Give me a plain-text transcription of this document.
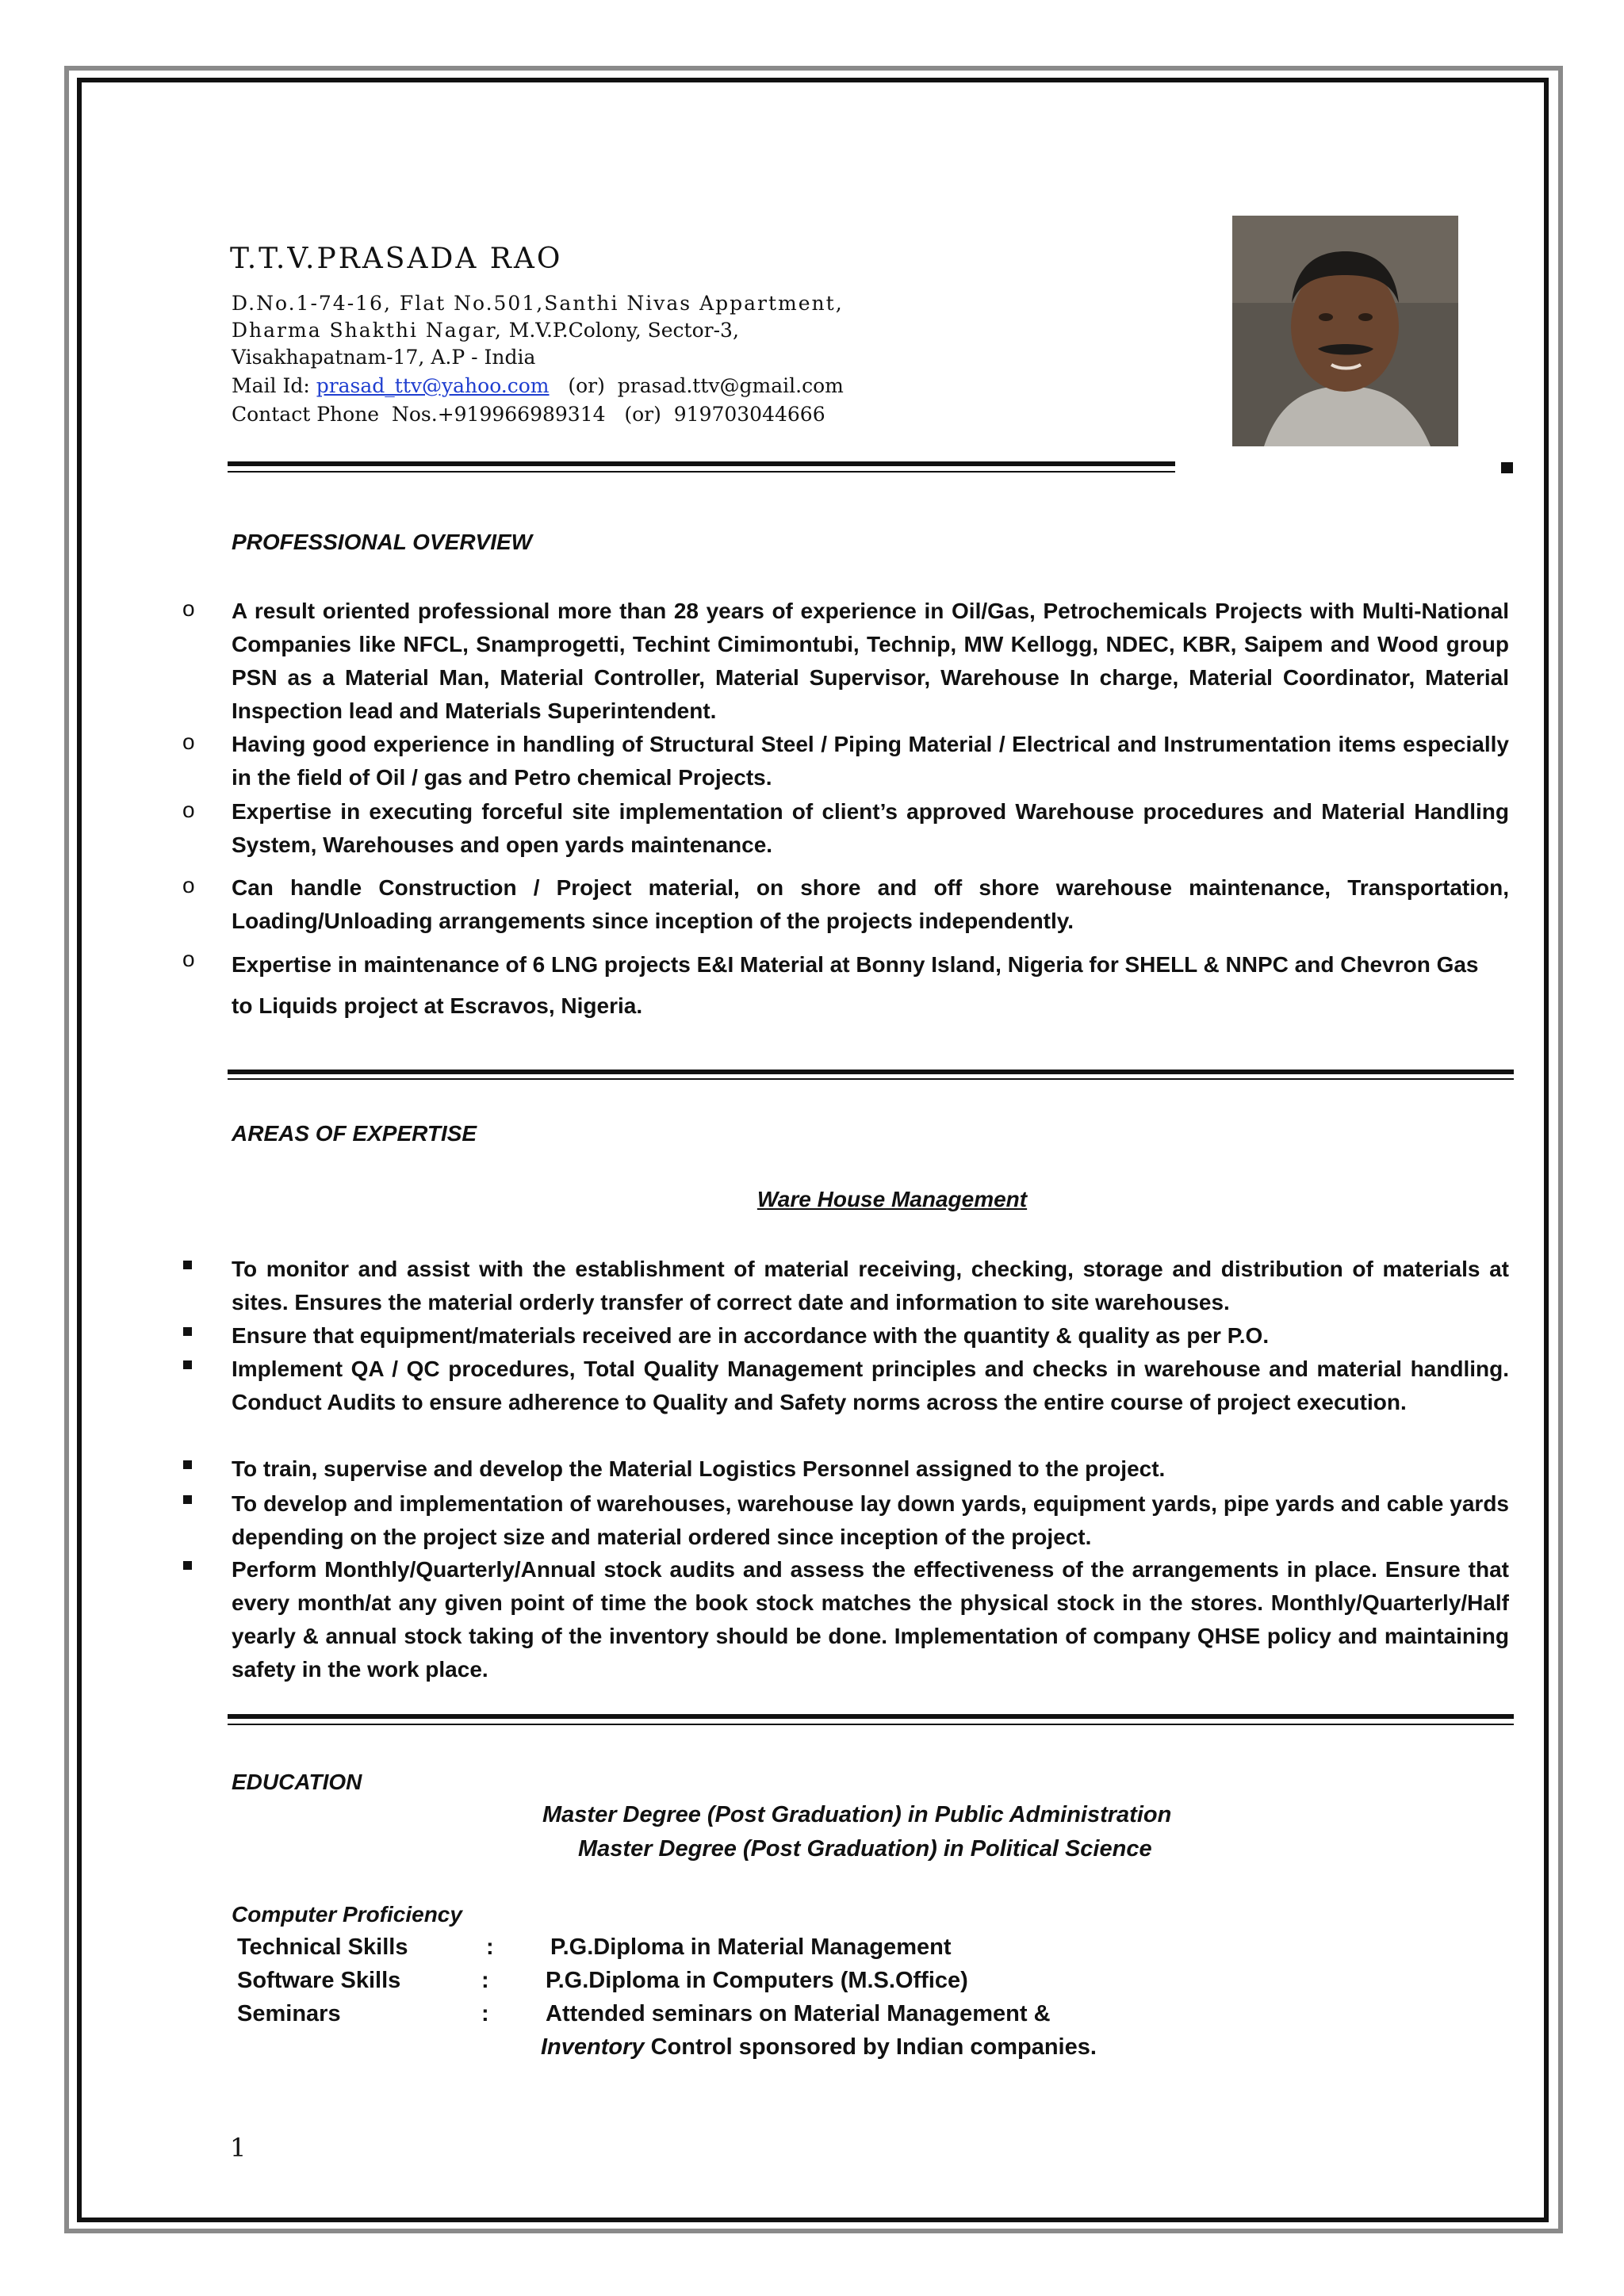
T.T.V.PRASADA RAO
D.No.1-74-16, Flat No.501,Santhi Nivas Appartment,
Dharma Shakthi Nagar, M.V.P.Colony, Sector-3,
Visakhapatnam-17, A.P - India
Mail Id: prasad_ttv@yahoo.com   (or)  prasad.ttv@gmail.com
Contact Phone  Nos.+919966989314   (or)  919703044666
PROFESSIONAL OVERVIEW
o A result oriented professional more than 28 years of experience in Oil/Gas, Petrochemicals Projects with Multi-National Companies like NFCL, Snamprogetti, Techint Cimimontubi, Technip, MW Kellogg, NDEC, KBR, Saipem and Wood group PSN as a Material Man, Material Controller, Material Supervisor, Warehouse In charge, Material Coordinator, Material Inspection lead and Materials Superintendent.
o Having good experience in handling of Structural Steel / Piping Material / Electrical and Instrumentation items especially in the field of Oil / gas and Petro chemical Projects.
o Expertise in executing forceful site implementation of client’s approved Warehouse procedures and Material Handling System, Warehouses and open yards maintenance.
o Can handle Construction / Project material, on shore and off shore warehouse maintenance, Transportation, Loading/Unloading arrangements since inception of the projects independently.
o Expertise in maintenance of 6 LNG projects E&I Material at Bonny Island, Nigeria for SHELL & NNPC and Chevron Gas to Liquids project at Escravos, Nigeria.
AREAS OF EXPERTISE
Ware House Management
To monitor and assist with the establishment of material receiving, checking, storage and distribution of materials at sites. Ensures the material orderly transfer of correct date and information to site warehouses.
Ensure that equipment/materials received are in accordance with the quantity & quality as per P.O.
Implement QA / QC procedures, Total Quality Management principles and checks in warehouse and material handling. Conduct Audits to ensure adherence to Quality and Safety norms across the entire course of project execution.
To train, supervise and develop the Material Logistics Personnel assigned to the project.
To develop and implementation of warehouses, warehouse lay down yards, equipment yards, pipe yards and cable yards depending on the project size and material ordered since inception of the project.
Perform Monthly/Quarterly/Annual stock audits and assess the effectiveness of the arrangements in place. Ensure that every month/at any given point of time the book stock matches the physical stock in the stores. Monthly/Quarterly/Half yearly & annual stock taking of the inventory should be done. Implementation of company QHSE policy and maintaining safety in the work place.
EDUCATION
Master Degree (Post Graduation) in Public Administration
Master Degree (Post Graduation) in Political Science
Computer Proficiency
Technical Skills	: P.G.Diploma in Material Management
Software Skills	: P.G.Diploma in Computers (M.S.Office)
Seminars	: Attended seminars on Material Management &
Inventory Control sponsored by Indian companies.
1
